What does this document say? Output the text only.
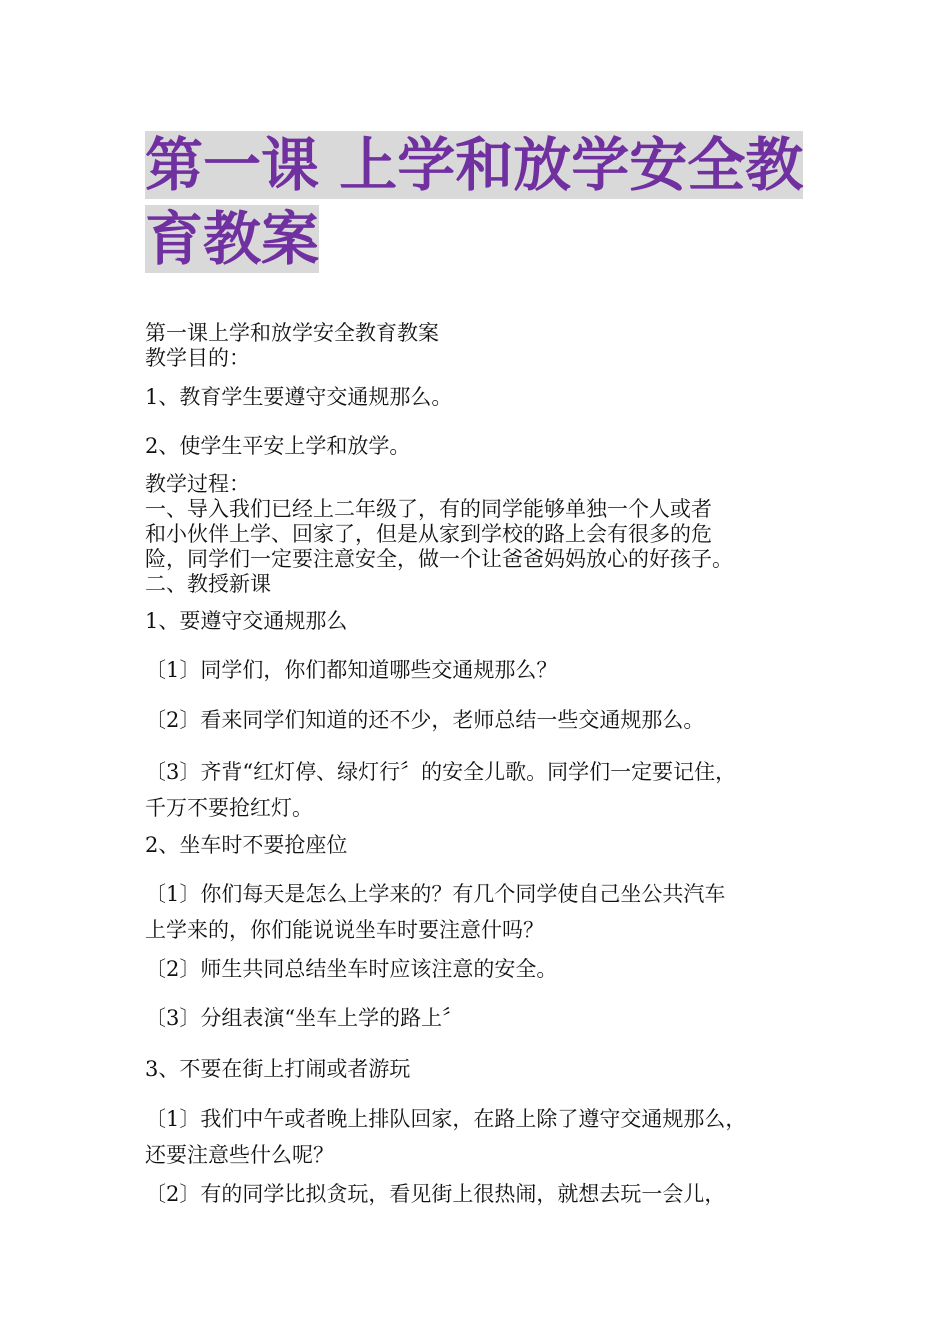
第一课 上学和放学安全教
育教案

第一课上学和放学安全教育教案
教学目的：

1、教育学生要遵守交通规那么。

2、使学生平安上学和放学。

教学过程：
一、导入我们已经上二年级了，有的同学能够单独一个人或者
和小伙伴上学、回家了，但是从家到学校的路上会有很多的危
险，同学们一定要注意安全，做一个让爸爸妈妈放心的好孩子。
二、教授新课

1、要遵守交通规那么

〔1〕同学们，你们都知道哪些交通规那么？

〔2〕看来同学们知道的还不少，老师总结一些交通规那么。

〔3〕齐背“红灯停、绿灯行〞的安全儿歌。同学们一定要记住，
千万不要抢红灯。

2、坐车时不要抢座位

〔1〕你们每天是怎么上学来的？有几个同学使自己坐公共汽车
上学来的，你们能说说坐车时要注意什吗？

〔2〕师生共同总结坐车时应该注意的安全。

〔3〕分组表演“坐车上学的路上〞

3、不要在街上打闹或者游玩

〔1〕我们中午或者晚上排队回家，在路上除了遵守交通规那么，
还要注意些什么呢？

〔2〕有的同学比拟贪玩，看见街上很热闹，就想去玩一会儿，
